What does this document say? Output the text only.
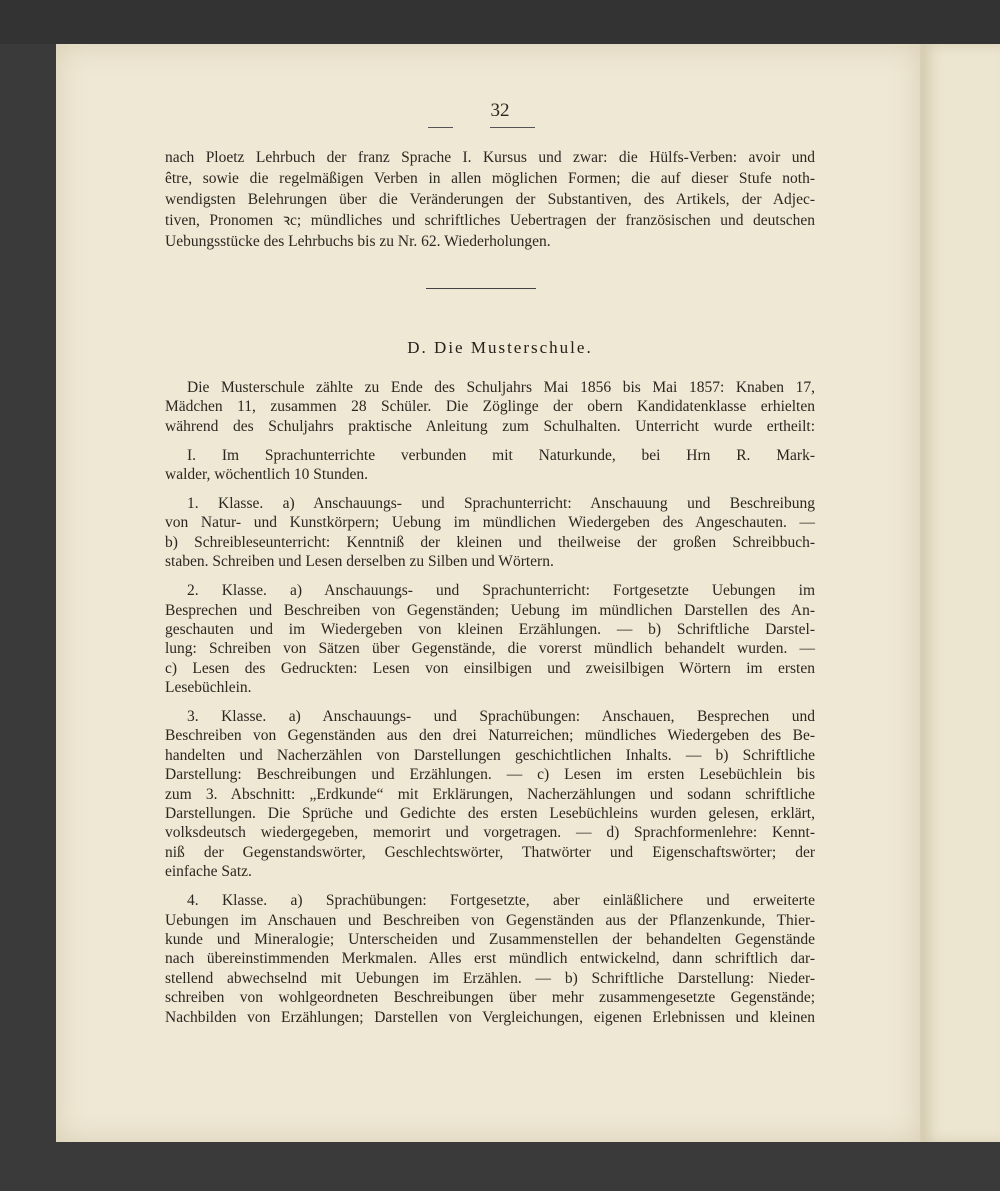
32
nach Ploetz Lehrbuch der franz Sprache I. Kursus und zwar: die Hülfs-Verben: avoir und
être, sowie die regelmäßigen Verben in allen möglichen Formen; die auf dieser Stufe noth-
wendigsten Belehrungen über die Veränderungen der Substantiven, des Artikels, der Adjec-
tiven, Pronomen ꝛc; mündliches und schriftliches Uebertragen der französischen und deutschen
Uebungsstücke des Lehrbuchs bis zu Nr. 62. Wiederholungen.
D. Die Musterschule.
Die Musterschule zählte zu Ende des Schuljahrs Mai 1856 bis Mai 1857: Knaben 17,
Mädchen 11, zusammen 28 Schüler. Die Zöglinge der obern Kandidatenklasse erhielten
während des Schuljahrs praktische Anleitung zum Schulhalten. Unterricht wurde ertheilt:
I. Im Sprachunterrichte verbunden mit Naturkunde, bei Hrn R. Mark-
walder, wöchentlich 10 Stunden.
1. Klasse. a) Anschauungs- und Sprachunterricht: Anschauung und Beschreibung
von Natur- und Kunstkörpern; Uebung im mündlichen Wiedergeben des Angeschauten. —
b) Schreibleseunterricht: Kenntniß der kleinen und theilweise der großen Schreibbuch-
staben. Schreiben und Lesen derselben zu Silben und Wörtern.
2. Klasse. a) Anschauungs- und Sprachunterricht: Fortgesetzte Uebungen im
Besprechen und Beschreiben von Gegenständen; Uebung im mündlichen Darstellen des An-
geschauten und im Wiedergeben von kleinen Erzählungen. — b) Schriftliche Darstel-
lung: Schreiben von Sätzen über Gegenstände, die vorerst mündlich behandelt wurden. —
c) Lesen des Gedruckten: Lesen von einsilbigen und zweisilbigen Wörtern im ersten
Lesebüchlein.
3. Klasse. a) Anschauungs- und Sprachübungen: Anschauen, Besprechen und
Beschreiben von Gegenständen aus den drei Naturreichen; mündliches Wiedergeben des Be-
handelten und Nacherzählen von Darstellungen geschichtlichen Inhalts. — b) Schriftliche
Darstellung: Beschreibungen und Erzählungen. — c) Lesen im ersten Lesebüchlein bis
zum 3. Abschnitt: „Erdkunde“ mit Erklärungen, Nacherzählungen und sodann schriftliche
Darstellungen. Die Sprüche und Gedichte des ersten Lesebüchleins wurden gelesen, erklärt,
volksdeutsch wiedergegeben, memorirt und vorgetragen. — d) Sprachformenlehre: Kennt-
niß der Gegenstandswörter, Geschlechtswörter, Thatwörter und Eigenschaftswörter; der
einfache Satz.
4. Klasse. a) Sprachübungen: Fortgesetzte, aber einläßlichere und erweiterte
Uebungen im Anschauen und Beschreiben von Gegenständen aus der Pflanzenkunde, Thier-
kunde und Mineralogie; Unterscheiden und Zusammenstellen der behandelten Gegenstände
nach übereinstimmenden Merkmalen. Alles erst mündlich entwickelnd, dann schriftlich dar-
stellend abwechselnd mit Uebungen im Erzählen. — b) Schriftliche Darstellung: Nieder-
schreiben von wohlgeordneten Beschreibungen über mehr zusammengesetzte Gegenstände;
Nachbilden von Erzählungen; Darstellen von Vergleichungen, eigenen Erlebnissen und kleinen
